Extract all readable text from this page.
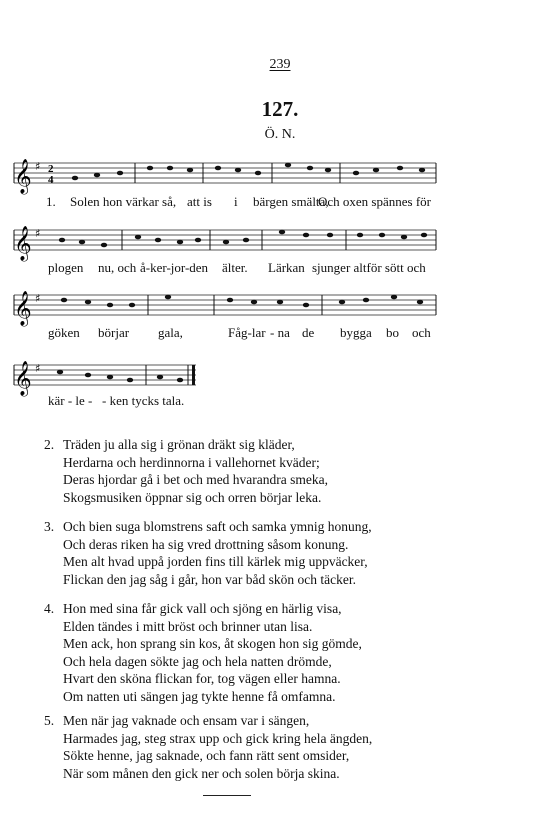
239
127.
Ö. N.
𝄞 ♯ 2
4
1. Solen hon värkar så, att is i bärgen smälta,
Och oxen spännes för
𝄞 ♯
plogen nu, och å-ker-jor-den älter. Lärkan sjunger altför sött och
𝄞 ♯
göken börjar gala,	Fåg-lar - na de bygga bo och
𝄞 ♯
kär - le - - ken tycks tala.
2. Träden ju alla sig i grönan dräkt sig kläder,
Herdarna och herdinnorna i vallehornet kväder;
Deras hjordar gå i bet och med hvarandra smeka,
Skogsmusiken öppnar sig och orren börjar leka.
3. Och bien suga blomstrens saft och samka ymnig honung,
Och deras riken ha sig vred drottning såsom konung.
Men alt hvad uppå jorden fins till kärlek mig uppväcker,
Flickan den jag såg i går, hon var båd skön och täcker.
4. Hon med sina får gick vall och sjöng en härlig visa,
Elden tändes i mitt bröst och brinner utan lisa.
Men ack, hon sprang sin kos, åt skogen hon sig gömde,
Och hela dagen sökte jag och hela natten drömde,
Hvart den sköna flickan for, tog vägen eller hamna.
Om natten uti sängen jag tykte henne få omfamna.
5. Men när jag vaknade och ensam var i sängen,
Harmades jag, steg strax upp och gick kring hela ängden,
Sökte henne, jag saknade, och fann rätt sent omsider,
När som månen den gick ner och solen börja skina.
